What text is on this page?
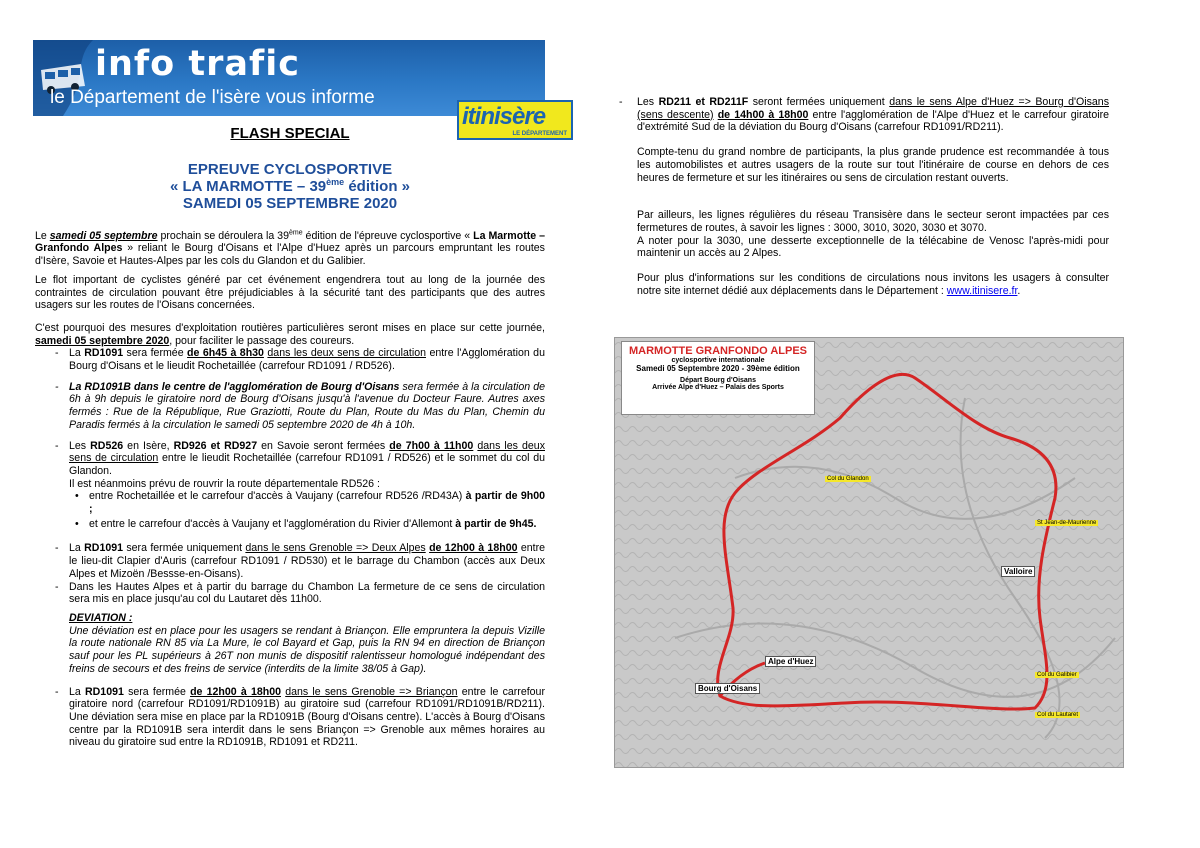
info trafic
le Département de l'isère vous informe
itinisère
LE DÉPARTEMENT
FLASH SPECIAL
EPREUVE CYCLOSPORTIVE
« LA MARMOTTE – 39ème édition »
SAMEDI 05 SEPTEMBRE 2020

Le samedi 05 septembre prochain se déroulera la 39ème édition de l'épreuve cyclosportive « La Marmotte – Granfondo Alpes » reliant le Bourg d'Oisans et l'Alpe d'Huez après un parcours empruntant les routes d'Isère, Savoie et Hautes-Alpes par les cols du Glandon et du Galibier.

Le flot important de cyclistes généré par cet événement engendrera tout au long de la journée des contraintes de circulation pouvant être préjudiciables à la sécurité tant des participants que des autres usagers sur les routes de l'Oisans concernées.

C'est pourquoi des mesures d'exploitation routières particulières seront mises en place sur cette journée, samedi 05 septembre 2020, pour faciliter le passage des coureurs.

- La RD1091 sera fermée de 6h45 à 8h30 dans les deux sens de circulation entre l'Agglomération du Bourg d'Oisans et le lieudit Rochetaillée (carrefour RD1091 / RD526).
- La RD1091B dans le centre de l'agglomération de Bourg d'Oisans sera fermée à la circulation de 6h à 9h depuis le giratoire nord de Bourg d'Oisans jusqu'à l'avenue du Docteur Faure. Autres axes fermés : Rue de la République, Rue Graziotti, Route du Plan, Route du Mas du Plan, Chemin du Paradis fermés à la circulation le samedi 05 septembre 2020 de 4h à 10h.
- Les RD526 en Isère, RD926 et RD927 en Savoie seront fermées de 7h00 à 11h00 dans les deux sens de circulation entre le lieudit Rochetaillée (carrefour RD1091 / RD526) et le sommet du col du Glandon.
Il est néanmoins prévu de rouvrir la route départementale RD526 :
• entre Rochetaillée et le carrefour d'accès à Vaujany (carrefour RD526 /RD43A) à partir de 9h00 ;
• et entre le carrefour d'accès à Vaujany et l'agglomération du Rivier d'Allemont à partir de 9h45.
- La RD1091 sera fermée uniquement dans le sens Grenoble => Deux Alpes de 12h00 à 18h00 entre le lieu-dit Clapier d'Auris (carrefour RD1091 / RD530) et le barrage du Chambon (accès aux Deux Alpes et Mizoën /Bessse-en-Oisans).
- Dans les Hautes Alpes et à partir du barrage du Chambon La fermeture de ce sens de circulation sera mis en place jusqu'au col du Lautaret dès 11h00.
DEVIATION :
Une déviation est en place pour les usagers se rendant à Briançon. Elle empruntera la depuis Vizille la route nationale RN 85 via La Mure, le col Bayard et Gap, puis la RN 94 en direction de Briançon sauf pour les PL supérieurs à 26T non munis de dispositif ralentisseur homologué indépendant des freins de secours et des freins de service (interdits de la limite 38/05 à Gap).
- La RD1091 sera fermée de 12h00 à 18h00 dans le sens Grenoble => Briançon entre le carrefour giratoire nord (carrefour RD1091/RD1091B) au giratoire sud (carrefour RD1091/RD1091B/RD211). Une déviation sera mise en place par la RD1091B (Bourg d'Oisans centre). L'accès à Bourg d'Oisans centre par la RD1091B sera interdit dans le sens Briançon => Grenoble aux mêmes horaires au niveau du giratoire sud entre la RD1091B, RD1091 et RD211.
- Les RD211 et RD211F seront fermées uniquement dans le sens Alpe d'Huez => Bourg d'Oisans (sens descente) de 14h00 à 18h00 entre l'agglomération de l'Alpe d'Huez et le carrefour giratoire d'extrémité Sud de la déviation du Bourg d'Oisans (carrefour RD1091/RD211).

Compte-tenu du grand nombre de participants, la plus grande prudence est recommandée à tous les automobilistes et autres usagers de la route sur tout l'itinéraire de course en dehors de ces heures de fermeture et sur les itinéraires ou sens de circulation restant ouverts.

Par ailleurs, les lignes régulières du réseau Transisère dans le secteur seront impactées par ces fermetures de routes, à savoir les lignes : 3000, 3010, 3020, 3030 et 3070.

A noter pour la 3030, une desserte exceptionnelle de la télécabine de Venosc l'après-midi pour maintenir un accès au 2 Alpes.

Pour plus d'informations sur les conditions de circulations nous invitons les usagers à consulter notre site internet dédié aux déplacements dans le Département : www.itinisere.fr.

MARMOTTE GRANFONDO ALPES
cyclosportive internationale
Samedi 05 Septembre 2020 - 39ème édition
Départ Bourg d'Oisans
Arrivée Alpe d'Huez – Palais des Sports
Bourg d'Oisans
Alpe d'Huez
Valloire
Col du Galibier
Col du Lautaret
Col du Glandon
St Jean-de-Maurienne
